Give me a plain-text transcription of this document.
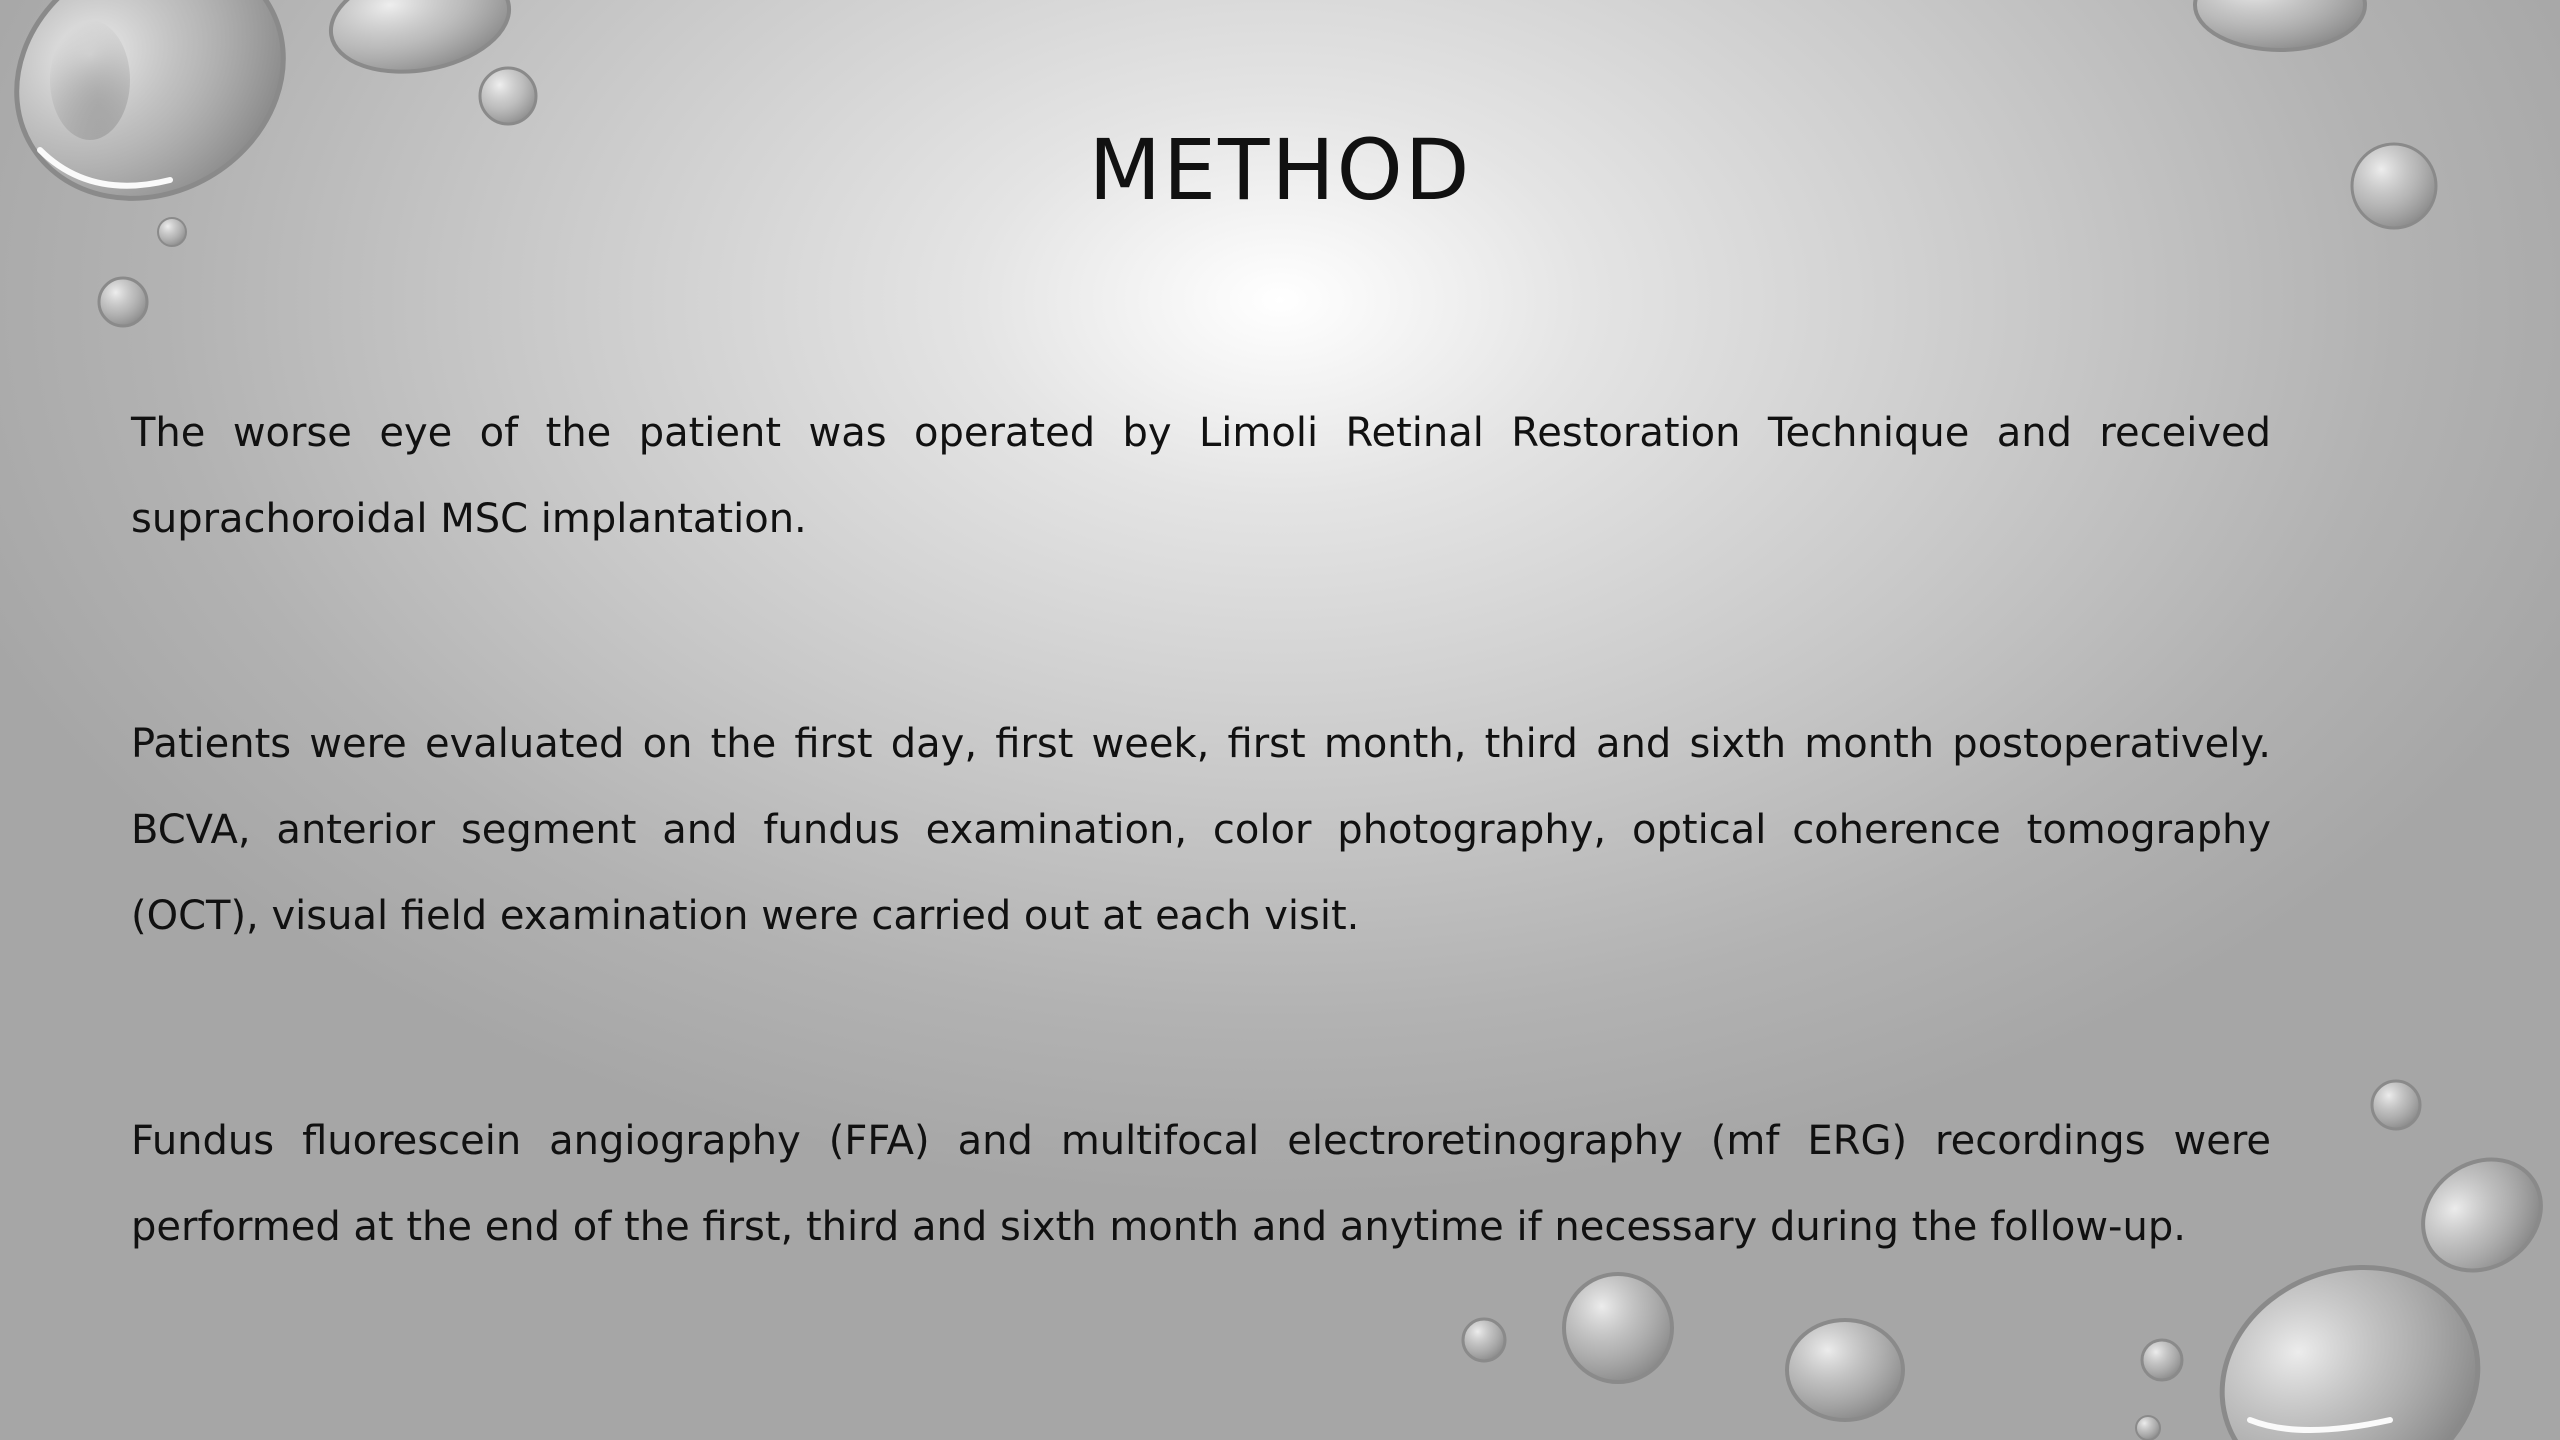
METHOD

The worse eye of the patient was operated by Limoli Retinal Restoration Technique and received suprachoroidal MSC implantation.

Patients were evaluated on the first day, first week, first month, third and sixth month postoperatively. BCVA, anterior segment and fundus examination, color photography, optical coherence tomography (OCT), visual field examination were carried out at each visit.

Fundus fluorescein angiography (FFA) and multifocal electroretinography (mf ERG) recordings were performed at the end of the first, third and sixth month and anytime if necessary during the follow-up.
